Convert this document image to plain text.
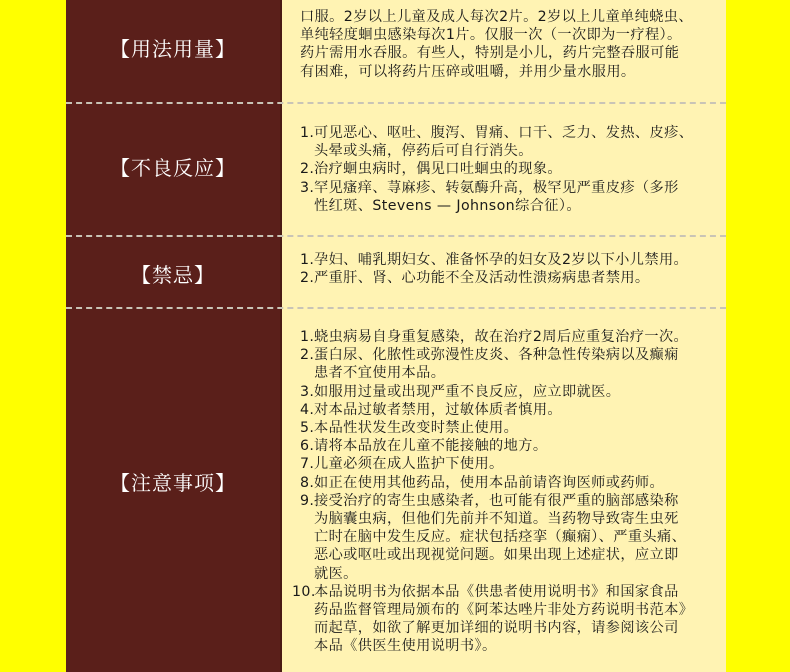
【用法用量】
口服。2岁以上儿童及成人每次2片。2岁以上儿童单纯蛲虫、
单纯轻度蛔虫感染每次1片。仅服一次（一次即为一疗程）。
药片需用水吞服。有些人，特别是小儿，药片完整吞服可能
有困难，可以将药片压碎或咀嚼，并用少量水服用。
【不良反应】
1.可见恶心、呕吐、腹泻、胃痛、口干、乏力、发热、皮疹、
头晕或头痛，停药后可自行消失。
2.治疗蛔虫病时，偶见口吐蛔虫的现象。
3.罕见瘙痒、荨麻疹、转氨酶升高，极罕见严重皮疹（多形
性红斑、Stevens — Johnson综合征）。
【禁忌】
1.孕妇、哺乳期妇女、准备怀孕的妇女及2岁以下小儿禁用。
2.严重肝、肾、心功能不全及活动性溃疡病患者禁用。
【注意事项】
1.蛲虫病易自身重复感染，故在治疗2周后应重复治疗一次。
2.蛋白尿、化脓性或弥漫性皮炎、各种急性传染病以及癫痫
患者不宜使用本品。
3.如服用过量或出现严重不良反应，应立即就医。
4.对本品过敏者禁用，过敏体质者慎用。
5.本品性状发生改变时禁止使用。
6.请将本品放在儿童不能接触的地方。
7.儿童必须在成人监护下使用。
8.如正在使用其他药品，使用本品前请咨询医师或药师。
9.接受治疗的寄生虫感染者，也可能有很严重的脑部感染称
为脑囊虫病，但他们先前并不知道。当药物导致寄生虫死
亡时在脑中发生反应。症状包括痉挛（癫痫）、严重头痛、
恶心或呕吐或出现视觉问题。如果出现上述症状，应立即
就医。
10.本品说明书为依据本品《供患者使用说明书》和国家食品
药品监督管理局颁布的《阿苯达唑片非处方药说明书范本》
而起草，如欲了解更加详细的说明书内容，请参阅该公司
本品《供医生使用说明书》。
